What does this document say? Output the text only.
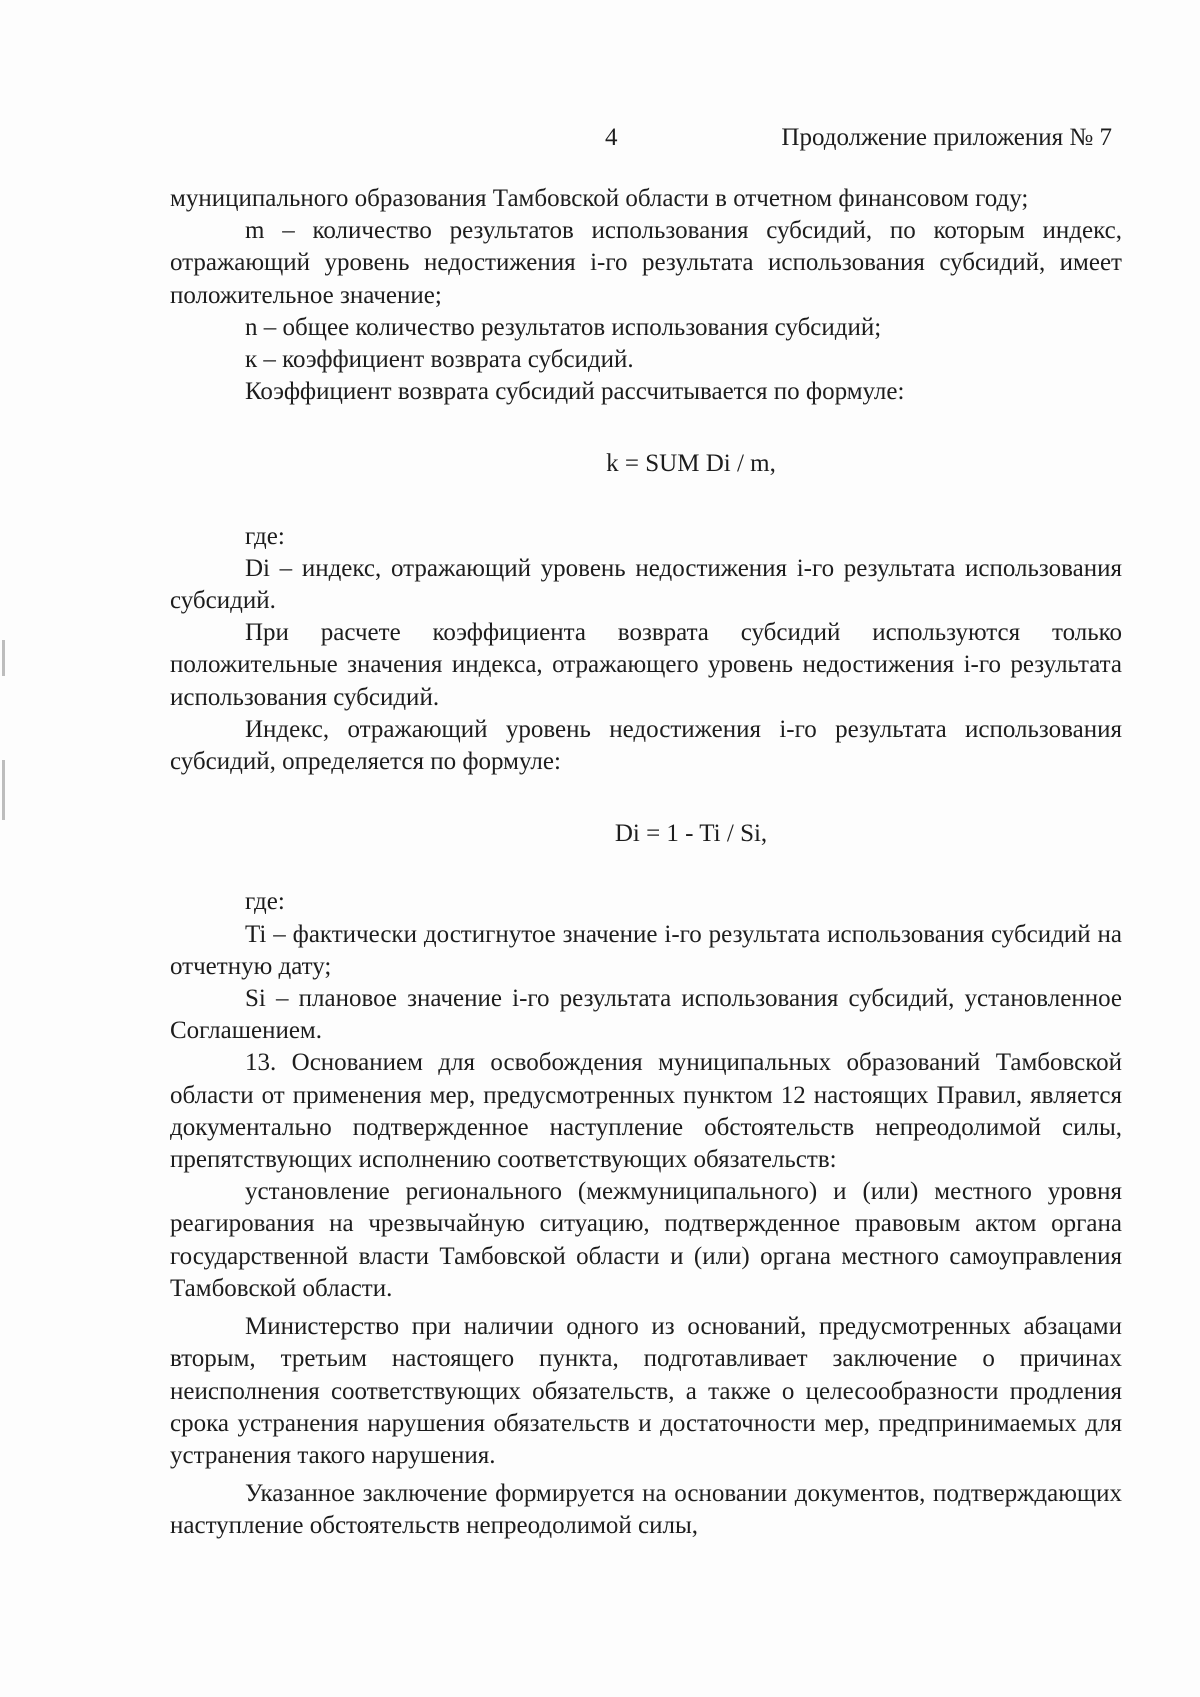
4	Продолжение приложения № 7

муниципального образования Тамбовской области в отчетном финансовом году;

m – количество результатов использования субсидий, по которым индекс, отражающий уровень недостижения i-го результата использования субсидий, имеет положительное значение;

n – общее количество результатов использования субсидий;

к – коэффициент возврата субсидий.

Коэффициент возврата субсидий рассчитывается по формуле:

k = SUM Di / m,

где:

Di – индекс, отражающий уровень недостижения i-го результата использования субсидий.

При расчете коэффициента возврата субсидий используются только положительные значения индекса, отражающего уровень недостижения i-го результата использования субсидий.

Индекс, отражающий уровень недостижения i-го результата использования субсидий, определяется по формуле:

Di = 1 - Ti / Si,

где:

Ti – фактически достигнутое значение i-го результата использования субсидий на отчетную дату;

Si – плановое значение i-го результата использования субсидий, установленное Соглашением.

13. Основанием для освобождения муниципальных образований Тамбовской области от применения мер, предусмотренных пунктом 12 настоящих Правил, является документально подтвержденное наступление обстоятельств непреодолимой силы, препятствующих исполнению соответствующих обязательств:

установление регионального (межмуниципального) и (или) местного уровня реагирования на чрезвычайную ситуацию, подтвержденное правовым актом органа государственной власти Тамбовской области и (или) органа местного самоуправления Тамбовской области.

Министерство при наличии одного из оснований, предусмотренных абзацами вторым, третьим настоящего пункта, подготавливает заключение о причинах неисполнения соответствующих обязательств, а также о целесообразности продления срока устранения нарушения обязательств и достаточности мер, предпринимаемых для устранения такого нарушения.

Указанное заключение формируется на основании документов, подтверждающих наступление обстоятельств непреодолимой силы,
